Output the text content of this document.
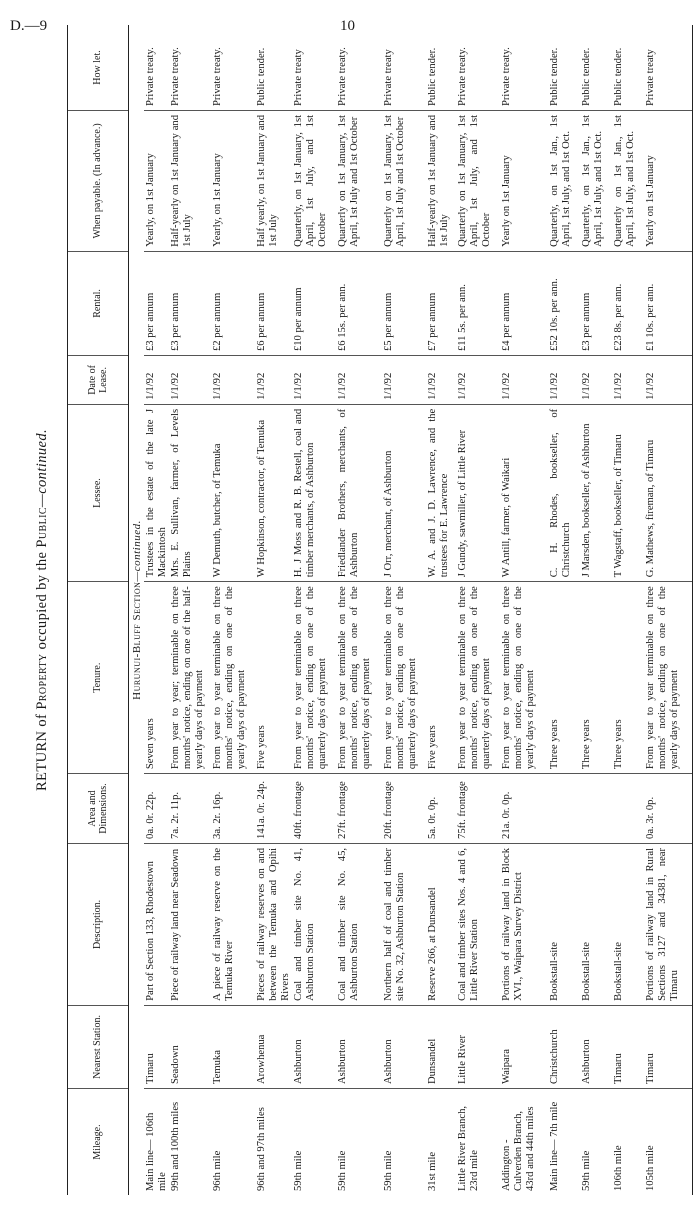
D.—9	10
RETURN of Property occupied by the Public—continued.
Mileage.	Nearest Station.	Description.	Area and Dimensions.	Tenure.	Lessee.	Date of Lease.	Rental.	When payable. (In advance.)	How let.
Hurunui-Bluff Section—continued.									
Main line— 106th mile	Timaru	Part of Section 133, Rhodestown	0a. 0r. 22p.	Seven years	Trustees in the estate of the late J Mackintosh	1/1/92	£3 per annum	Yearly, on 1st January	Private treaty.
99th and 100th miles	Seadown	Piece of railway land near Seadown	7a. 2r. 11p.	From year to year; terminable on three months' notice, ending on one of the half-yearly days of payment	Mrs. E. Sullivan, farmer, of Levels Plains	1/1/92	£3 per annum	Half-yearly on 1st January and 1st July	Private treaty.
96th mile	Temuka	A piece of railway reserve on the Temuka River	3a. 2r. 16p.	From year to year terminable on three months' notice, ending on one of the yearly days of payment	W Demuth, butcher, of Temuka	1/1/92	£2 per annum	Yearly, on 1st January	Private treaty.
96th and 97th miles	Arowhenua	Pieces of railway reserves on and between the Temuka and Opihi Rivers	141a. 0r. 24p.	Five years	W Hopkinson, contractor, of Temuka	1/1/92	£6 per annum	Half yearly, on 1st January and 1st July	Public tender.
59th mile	Ashburton	Coal and timber site No. 41, Ashburton Station	40ft. frontage	From year to year terminable on three months' notice, ending on one of the quarterly days of payment	H. J Moss and R. B. Restell, coal and timber merchants, of Ashburton	1/1/92	£10 per annum	Quarterly, on 1st January, 1st April, 1st July, and 1st October	Private treaty
59th mile	Ashburton	Coal and timber site No. 45, Ashburton Station	27ft. frontage	From year to year terminable on three months' notice, ending on one of the quarterly days of payment	Friedlander Brothers, merchants, of Ashburton	1/1/92	£6 15s. per ann.	Quarterly on 1st January, 1st April, 1st July and 1st October	Private treaty.
59th mile	Ashburton	Northern half of coal and timber site No. 32, Ashburton Station	20ft. frontage	From year to year terminable on three months' notice, ending on one of the quarterly days of payment	J Orr, merchant, of Ashburton	1/1/92	£5 per annum	Quarterly on 1st January, 1st April, 1st July and 1st October	Private treaty
31st mile	Dunsandel	Reserve 266, at Dunsandel	5a. 0r. 0p.	Five years	W. A. and J. D. Lawrence, and the trustees for E. Lawrence	1/1/92	£7 per annum	Half-yearly on 1st January and 1st July	Public tender.
Little River Branch, 23rd mile	Little River	Coal and timber sites Nos. 4 and 6, Little River Station	75ft. frontage	From year to year terminable on three months' notice, ending on one of the quarterly days of payment	J Gundy, sawmiller, of Little River	1/1/92	£11 5s. per ann.	Quarterly on 1st January, 1st April, 1st July, and 1st October	Private treaty.
Addington - Culverden Branch, 43rd and 44th miles	Waipara	Portions of railway land in Block XVI., Waipara Survey District	21a. 0r. 0p.	From year to year terminable on three months' notice, ending on one of the yearly days of payment	W Antill, farmer, of Waikari	1/1/92	£4 per annum	Yearly on 1st January	Private treaty.
Main line— 7th mile	Christchurch	Bookstall-site		Three years	C. H. Rhodes, bookseller, of Christchurch	1/1/92	£52 10s. per ann.	Quarterly, on 1st Jan., 1st April, 1st July, and 1st Oct.	Public tender.
59th mile	Ashburton	Bookstall-site		Three years	J Marsden, bookseller, of Ashburton	1/1/92	£3 per annum	Quarterly, on 1st Jan., 1st April, 1st July, and 1st Oct.	Public tender.
106th mile	Timaru	Bookstall-site		Three years	T Wagstaff, bookseller, of Timaru	1/1/92	£23 8s. per ann.	Quarterly on 1st Jan., 1st April, 1st July, and 1st Oct.	Public tender.
105th mile	Timaru	Portions of railway land in Rural Sections 3127 and 34381, near Timaru	0a. 3r. 0p.	From year to year terminable on three months' notice, ending on one of the yearly days of payment	G. Mathews, fireman, of Timaru	1/1/92	£1 10s. per ann.	Yearly on 1st January	Private treaty
